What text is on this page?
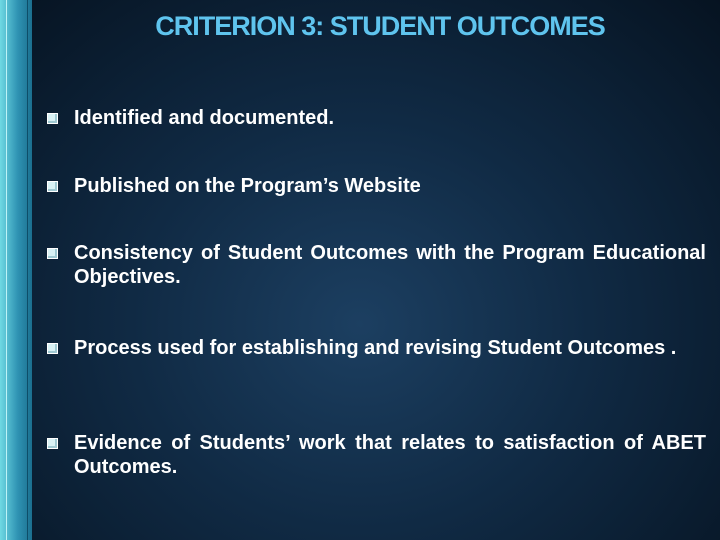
CRITERION 3: STUDENT OUTCOMES
Identified and documented.
Published on the Program’s Website
Consistency of Student Outcomes with the Program Educational Objectives.
Process used for establishing and revising Student Outcomes .
Evidence of Students’ work that relates to satisfaction of ABET Outcomes.
